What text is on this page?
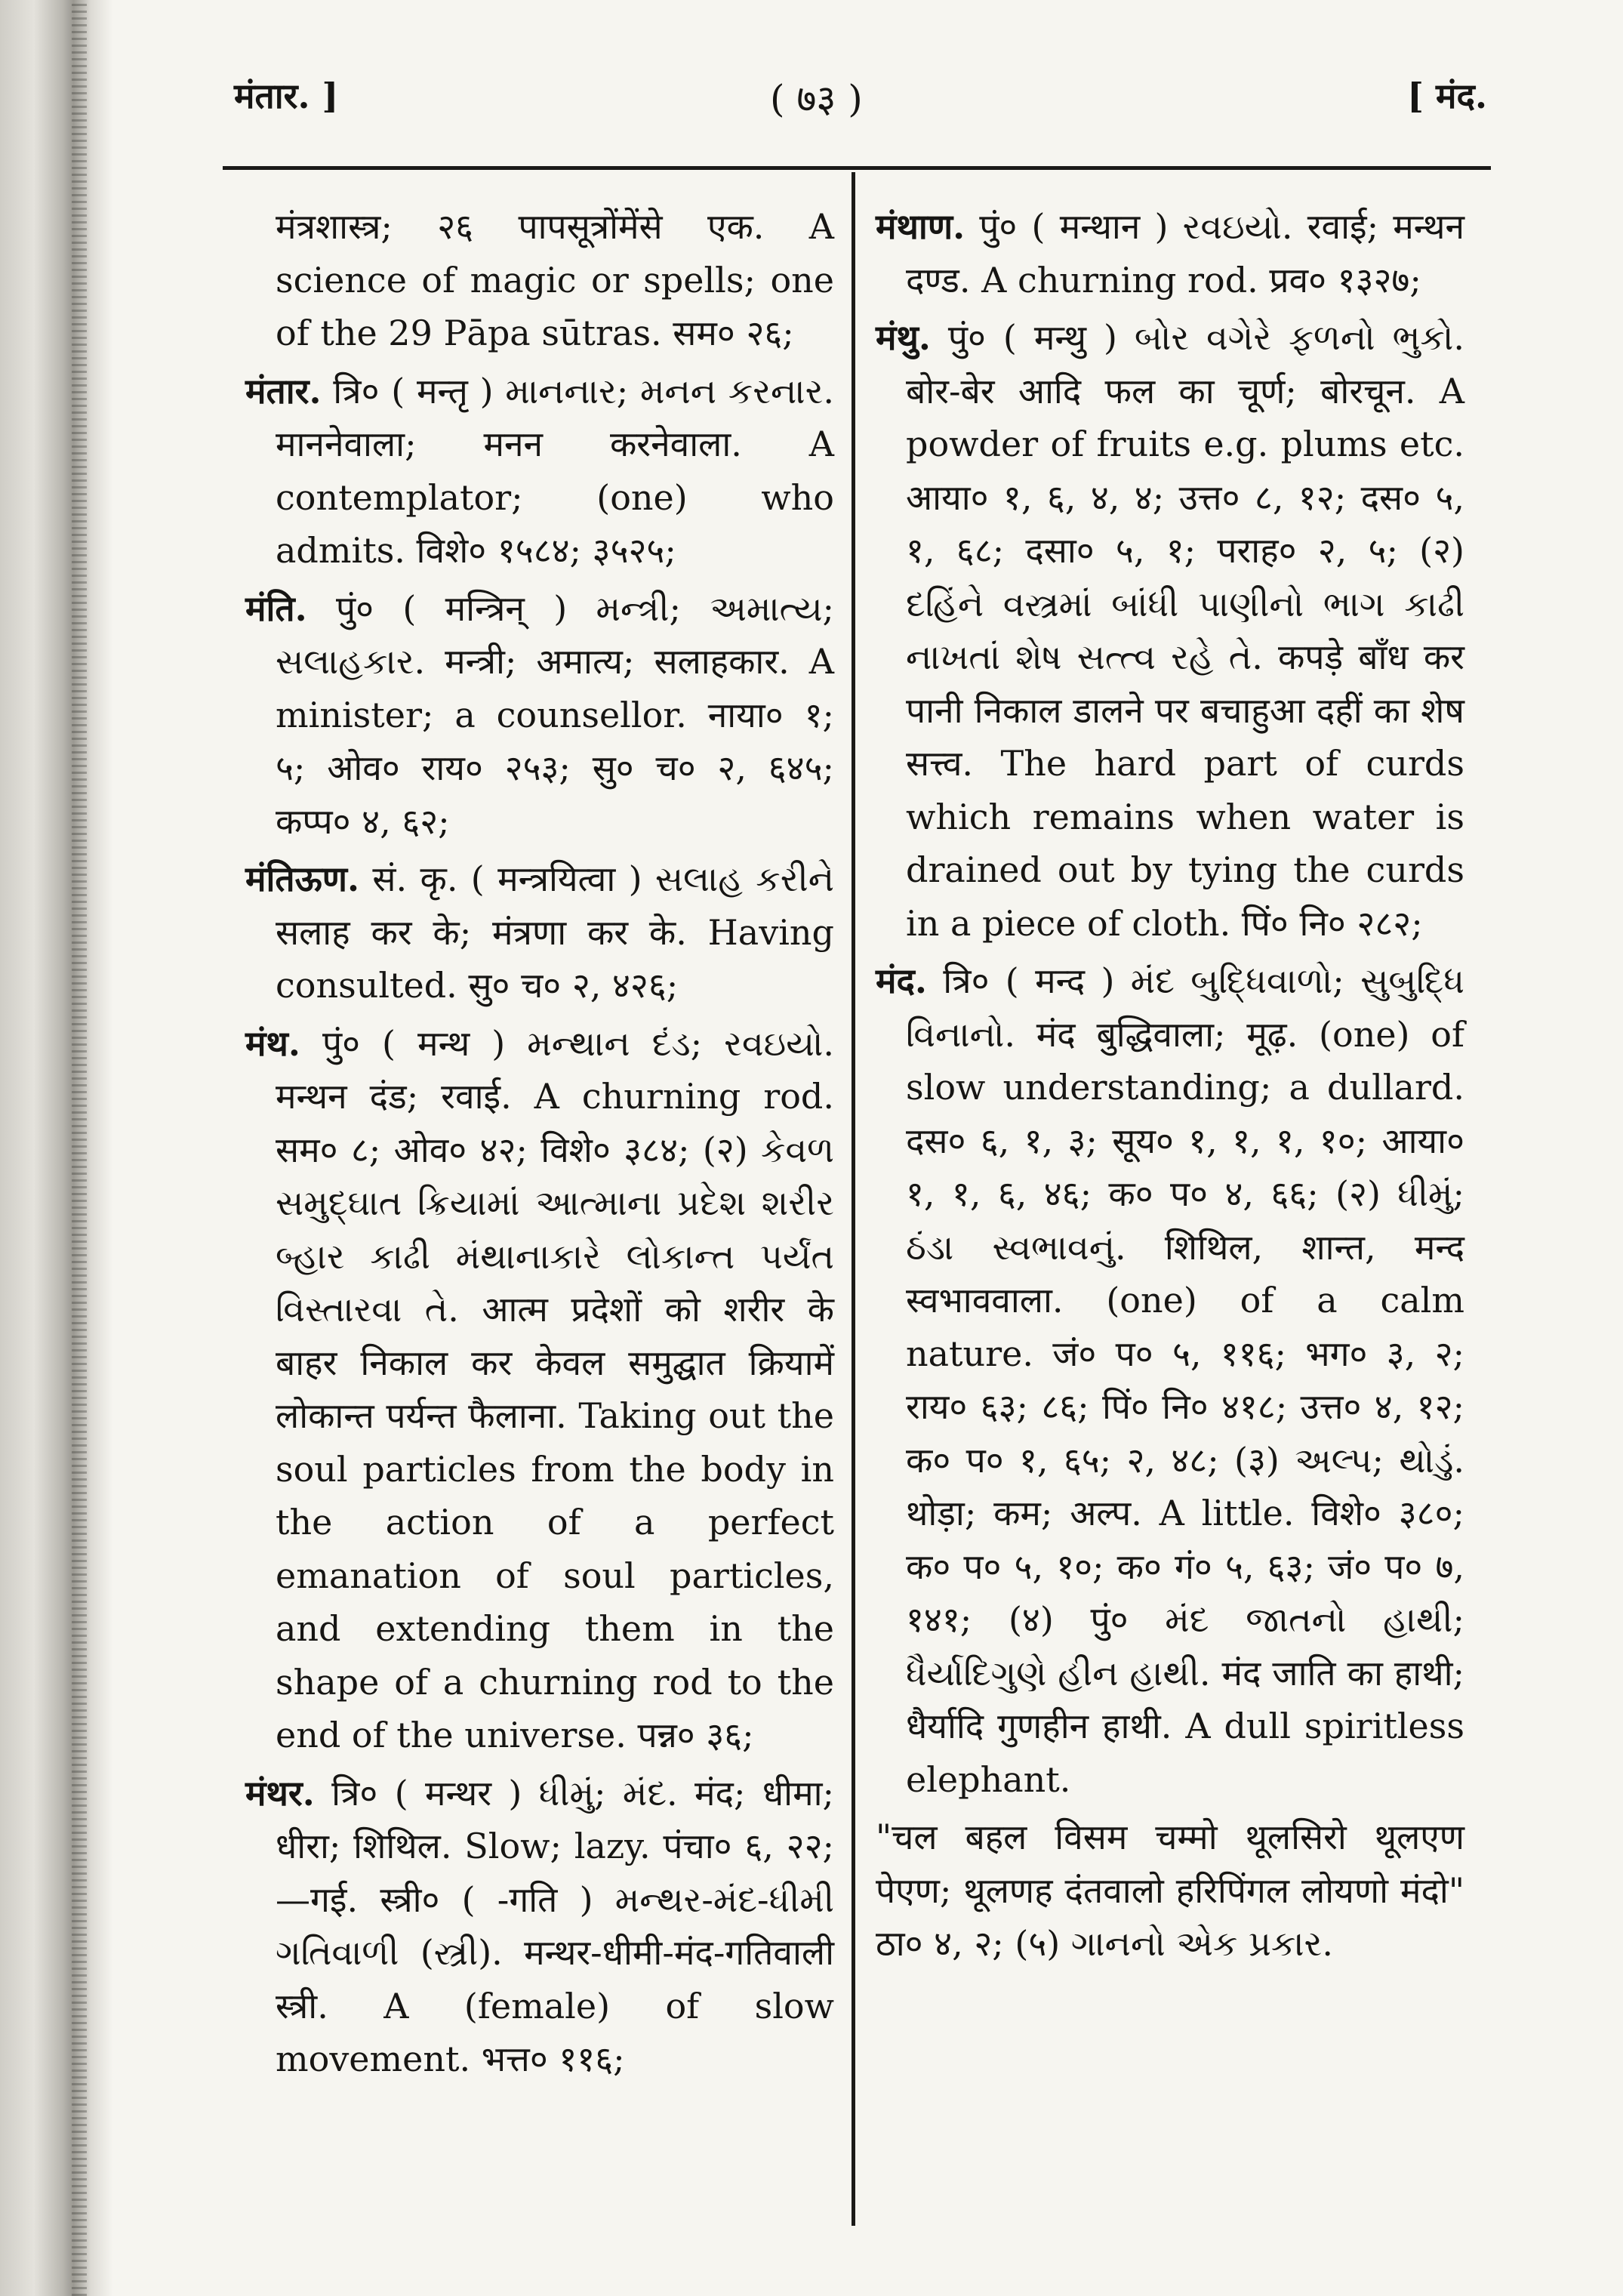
मंतार. ]	( ७३ )	[ मंद.

मंत्रशास्त्र; २६ पापसूत्रोंमेंसे एक. A science of magic or spells; one of the 29 Pāpa sūtras. सम० २६;

मंतार. त्रि० ( मन्तृ ) માનનાર; મનન કરનાર. माननेवाला; मनन करनेवाला. A contemplator; (one) who admits. विशे० १५८४; ३५२५;

मंति. पुं० ( मन्त्रिन् ) મન્ત્રી; અમાત્ય; સલાહકાર. मन्त्री; अमात्य; सलाहकार. A minister; a counsellor. नाया० १; ५; ओव० राय० २५३; सु० च० २, ६४५; कप्प० ४, ६२;

मंतिऊण. सं. कृ. ( मन्त्रयित्वा ) સલાહ કરીને सलाह कर के; मंत्रणा कर के. Having consulted. सु० च० २, ४२६;

मंथ. पुं० ( मन्थ ) મન્થાન દંડ; રવઇયો. मन्थन दंड; रवाई. A churning rod. सम० ८; ओव० ४२; विशे० ३८४; (२) કેવળ સમુદ્ઘાત ક્રિયામાં આત્માના પ્રદેશ શરીર બ્હાર કાઢી મંથાનાકારે લોકાન્ત પર્યંત વિસ્તારવા તે. आत्म प्रदेशों को शरीर के बाहर निकाल कर केवल समुद्घात क्रियामें लोकान्त पर्यन्त फैलाना. Taking out the soul particles from the body in the action of a perfect emanation of soul particles, and extending them in the shape of a churning rod to the end of the universe. पन्न० ३६;

मंथर. त्रि० ( मन्थर ) ધીમું; મંદ. मंद; धीमा; धीरा; शिथिल. Slow; lazy. पंचा० ६, २२; —गई. स्त्री० ( -गति ) મન્થર-મંદ-ધીમી ગતિવાળી (સ્ત્રી). मन्थर-धीमी-मंद-गतिवाली स्त्री. A (female) of slow movement. भत्त० ११६;

मंथाण. पुं० ( मन्थान ) રવઇયો. रवाई; मन्थन दण्ड. A churning rod. प्रव० १३२७;

मंथु. पुं० ( मन्थु ) બોર વગેરે ફળનો ભુકો. बोर-बेर आदि फल का चूर्ण; बोरचून. A powder of fruits e.g. plums etc. आया० १, ६, ४, ४; उत्त० ८, १२; दस० ५, १, ६८; दसा० ५, १; पराह० २, ५; (२) દહિંને વસ્ત્રમાં બાંધી પાણીનો ભાગ કાઢી નાખતાં શેષ સત્ત્વ રહે તે. कपड़े बाँध कर पानी निकाल डालने पर बचाहुआ दहीं का शेष सत्त्व. The hard part of curds which remains when water is drained out by tying the curds in a piece of cloth. पिं० नि० २८२;

मंद. त्रि० ( मन्द ) મંદ બુદ્ધિવાળો; સુબુદ્ધિ વિનાનો. मंद बुद्धिवाला; मूढ़. (one) of slow understanding; a dullard. दस० ६, १, ३; सूय० १, १, १, १०; आया० १, १, ६, ४६; क० प० ४, ६६; (२) ધીમું; ઠંડા સ્વભાવનું. शिथिल, शान्त, मन्द स्वभाववाला. (one) of a calm nature. जं० प० ५, ११६; भग० ३, २; राय० ६३; ८६; पिं० नि० ४१८; उत्त० ४, १२; क० प० १, ६५; २, ४८; (३) અલ્પ; થોડું. थोड़ा; कम; अल्प. A little. विशे० ३८०; क० प० ५, १०; क० गं० ५, ६३; जं० प० ७, १४१; (४) पुं० મંદ જાતનો હાથી; ધૈર્યાદિગુણે હીન હાથી. मंद जाति का हाथी; धैर्यादि गुणहीन हाथी. A dull spiritless elephant.

"चल बहल विसम चम्मो थूलसिरो थूलएण पेएण; थूलणह दंतवालो हरिपिंगल लोयणो मंदो" ठा० ४, २; (५) ગાનનો એક પ્રકાર.
